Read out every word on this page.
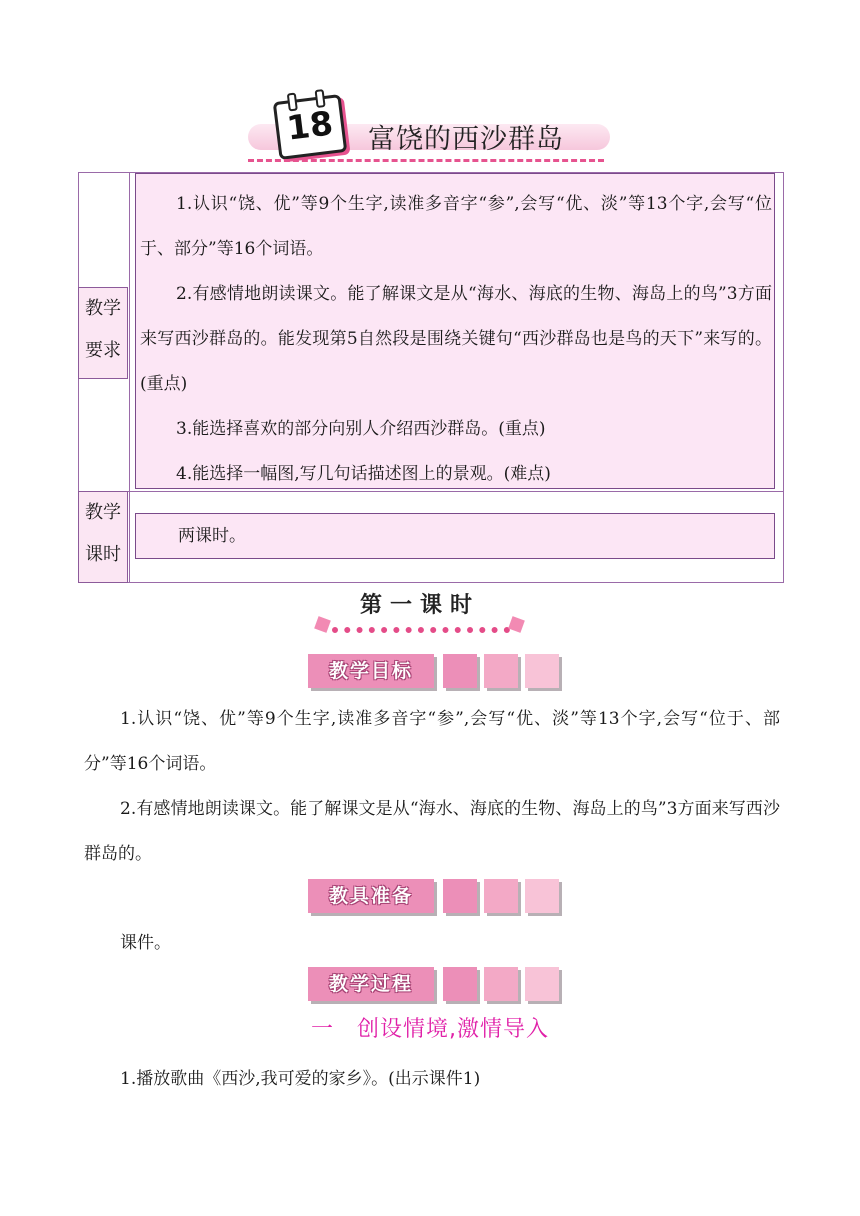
18 富饶的西沙群岛
教学
要求

1.认识“饶、优”等9个生字,读准多音字“参”,会写“优、淡”等13个字,会写“位于、部分”等16个词语。

2.有感情地朗读课文。能了解课文是从“海水、海底的生物、海岛上的鸟”3方面来写西沙群岛的。能发现第5自然段是围绕关键句“西沙群岛也是鸟的天下”来写的。(重点)

3.能选择喜欢的部分向别人介绍西沙群岛。(重点)

4.能选择一幅图,写几句话描述图上的景观。(难点)

教学
课时
两课时。
第一课时
教学目标

1.认识“饶、优”等9个生字,读准多音字“参”,会写“优、淡”等13个字,会写“位于、部分”等16个词语。

2.有感情地朗读课文。能了解课文是从“海水、海底的生物、海岛上的鸟”3方面来写西沙群岛的。

教具准备

课件。

教学过程
一　创设情境,激情导入

1.播放歌曲《西沙,我可爱的家乡》。(出示课件1)
